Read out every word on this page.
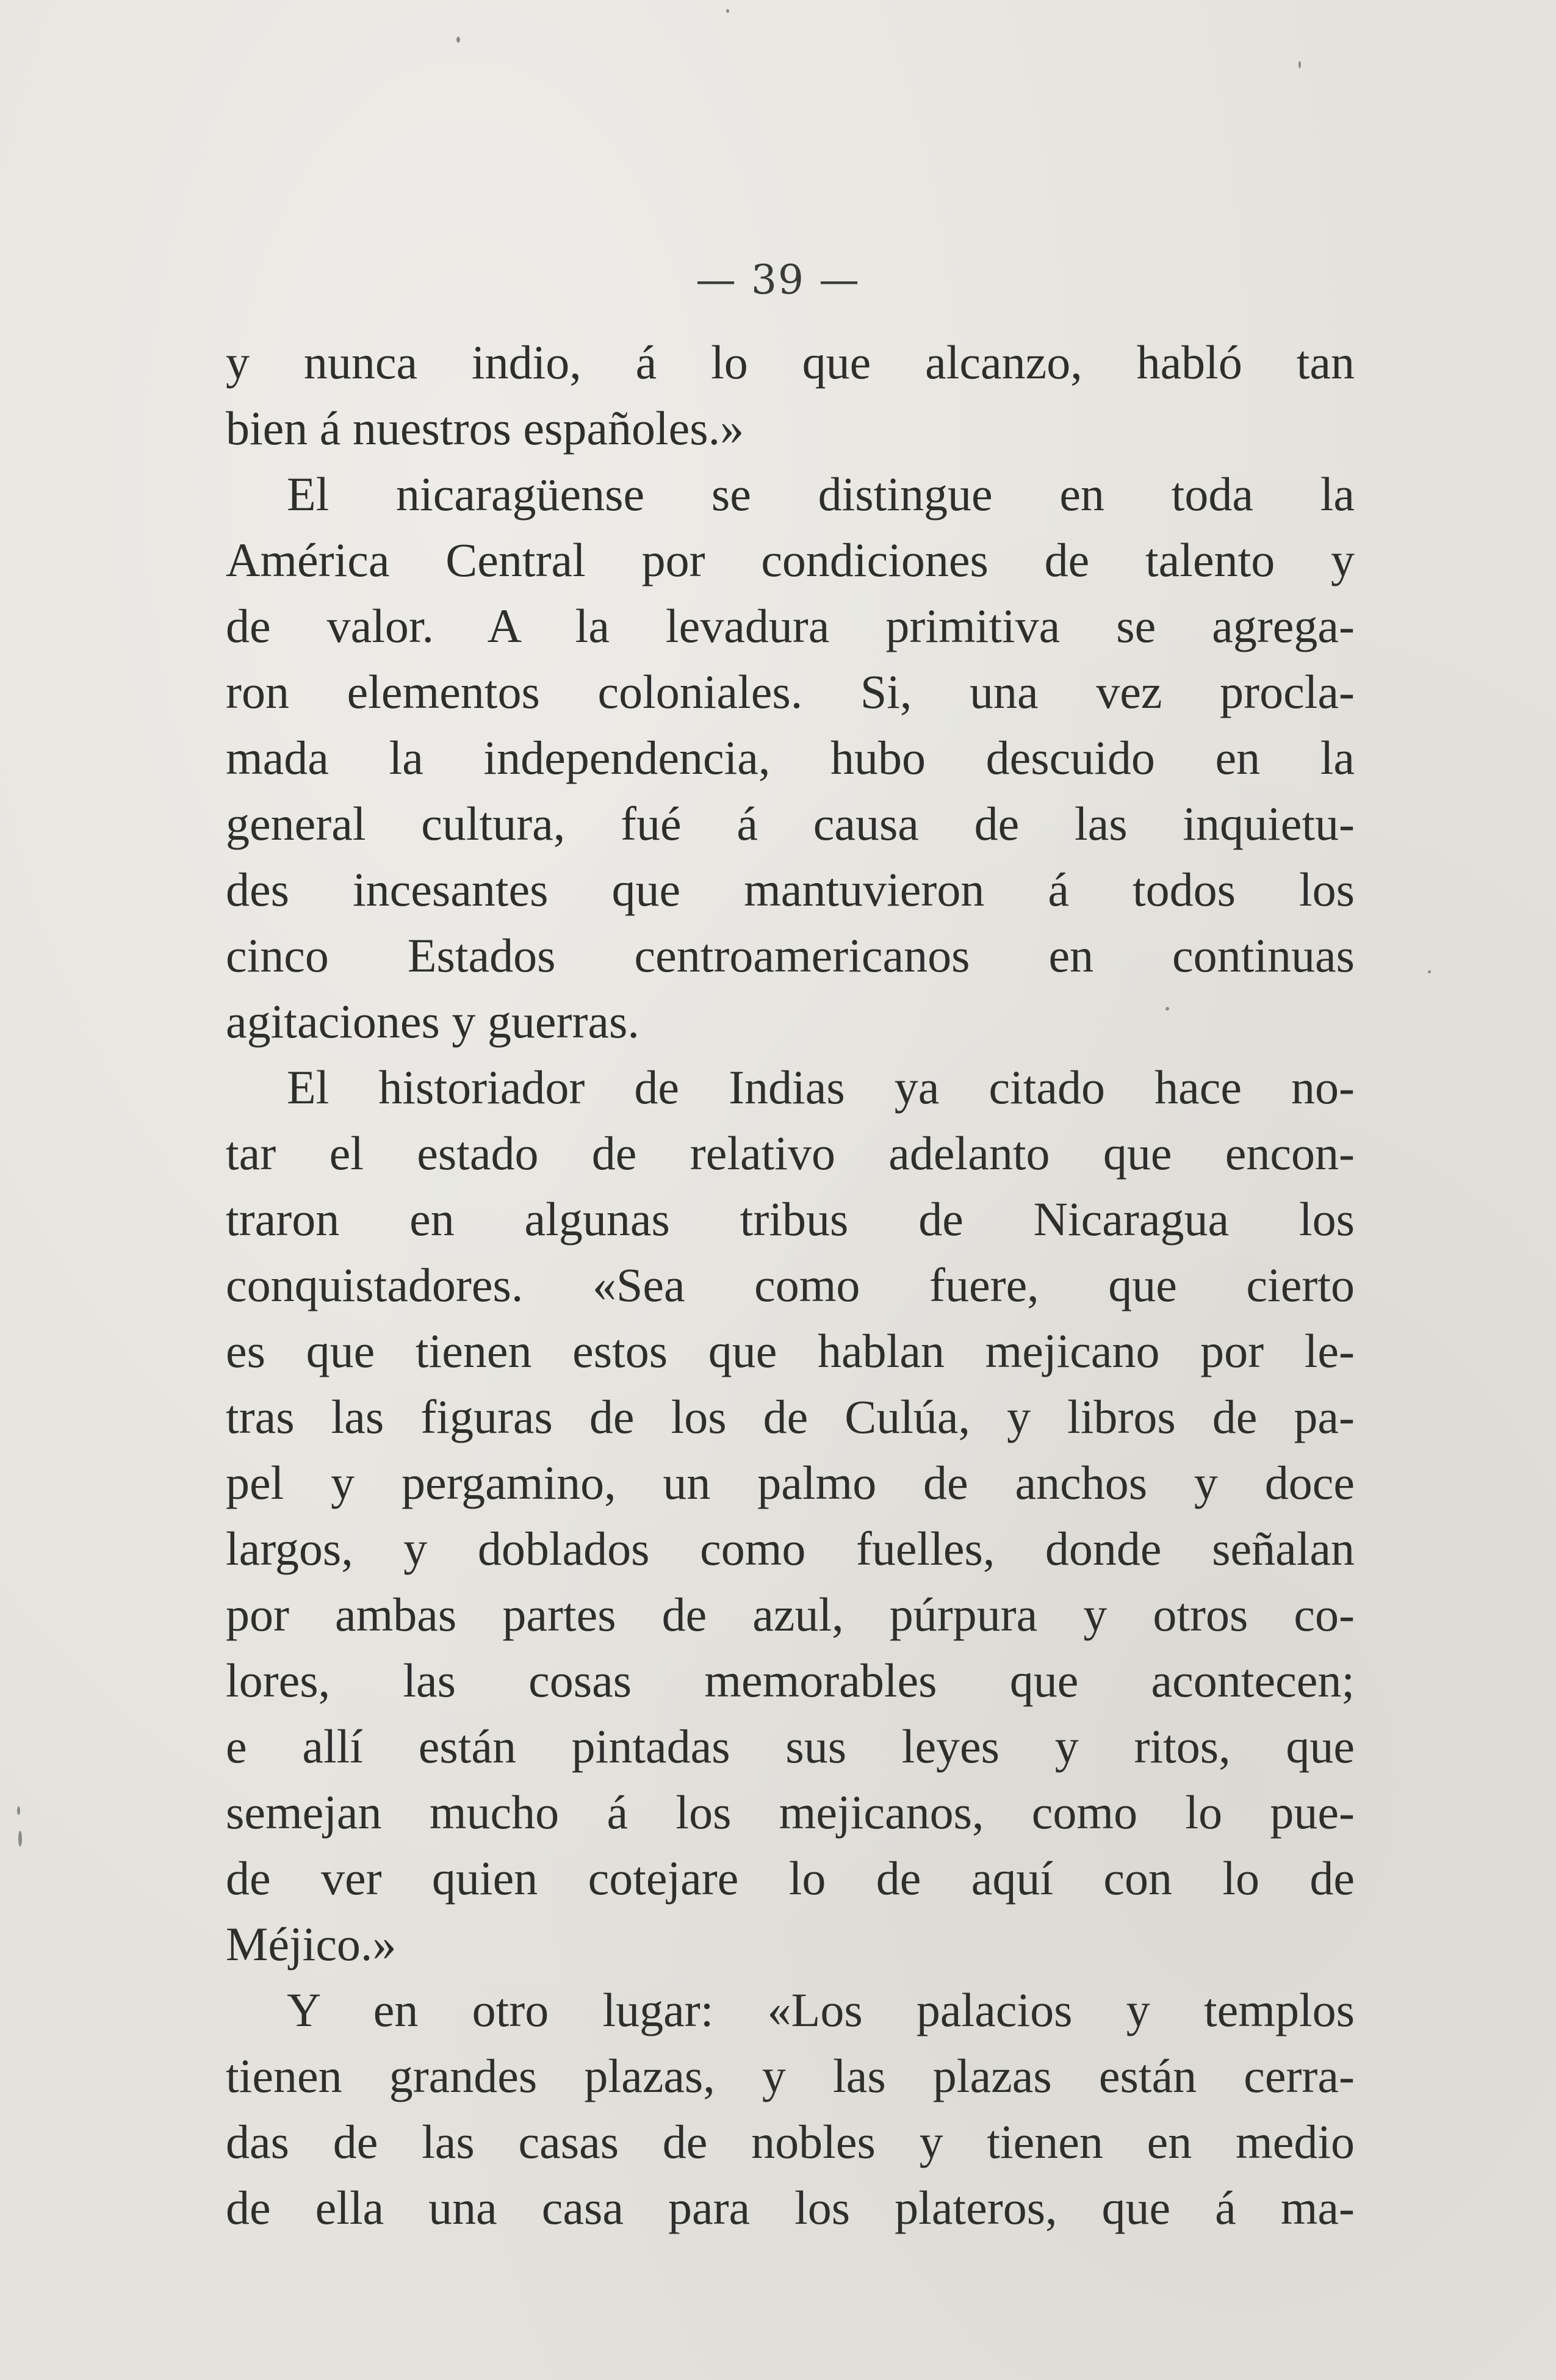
— 39 —
y nunca indio, á lo que alcanzo, habló tan
bien á nuestros españoles.»
El nicaragüense se distingue en toda la
América Central por condiciones de talento y
de valor. A la levadura primitiva se agrega-
ron elementos coloniales. Si, una vez procla-
mada la independencia, hubo descuido en la
general cultura, fué á causa de las inquietu-
des incesantes que mantuvieron á todos los
cinco Estados centroamericanos en continuas
agitaciones y guerras.
El historiador de Indias ya citado hace no-
tar el estado de relativo adelanto que encon-
traron en algunas tribus de Nicaragua los
conquistadores. «Sea como fuere, que cierto
es que tienen estos que hablan mejicano por le-
tras las figuras de los de Culúa, y libros de pa-
pel y pergamino, un palmo de anchos y doce
largos, y doblados como fuelles, donde señalan
por ambas partes de azul, púrpura y otros co-
lores, las cosas memorables que acontecen;
e allí están pintadas sus leyes y ritos, que
semejan mucho á los mejicanos, como lo pue-
de ver quien cotejare lo de aquí con lo de
Méjico.»
Y en otro lugar: «Los palacios y templos
tienen grandes plazas, y las plazas están cerra-
das de las casas de nobles y tienen en medio
de ella una casa para los plateros, que á ma-
